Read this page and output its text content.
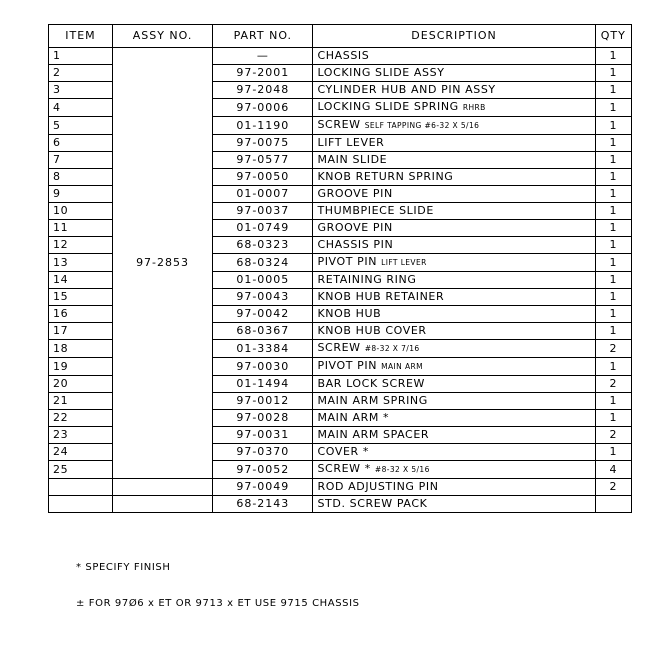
ITEM	ASSY NO.	PART NO.	DESCRIPTION	QTY
1	97-2853	—	CHASSIS	1
2		97-2001	LOCKING SLIDE ASSY	1
3		97-2048	CYLINDER HUB AND PIN ASSY	1
4		97-0006	LOCKING SLIDE SPRING RHRB	1
5		01-1190	SCREW SELF TAPPING #6-32 X 5/16	1
6		97-0075	LIFT LEVER	1
7		97-0577	MAIN SLIDE	1
8		97-0050	KNOB RETURN SPRING	1
9		01-0007	GROOVE PIN	1
10		97-0037	THUMBPIECE SLIDE	1
11		01-0749	GROOVE PIN	1
12		68-0323	CHASSIS PIN	1
13		68-0324	PIVOT PIN LIFT LEVER	1
14		01-0005	RETAINING RING	1
15		97-0043	KNOB HUB RETAINER	1
16		97-0042	KNOB HUB	1
17		68-0367	KNOB HUB COVER	1
18		01-3384	SCREW #8-32 X 7/16	2
19		97-0030	PIVOT PIN MAIN ARM	1
20		01-1494	BAR LOCK SCREW	2
21		97-0012	MAIN ARM SPRING	1
22		97-0028	MAIN ARM *	1
23		97-0031	MAIN ARM SPACER	2
24		97-0370	COVER *	1
25		97-0052	SCREW * #8-32 X 5/16	4
		97-0049	ROD ADJUSTING PIN	2
		68-2143	STD. SCREW PACK	
* SPECIFY FINISH
± FOR 97Ø6 x ET OR 9713 x ET USE 9715 CHASSIS
